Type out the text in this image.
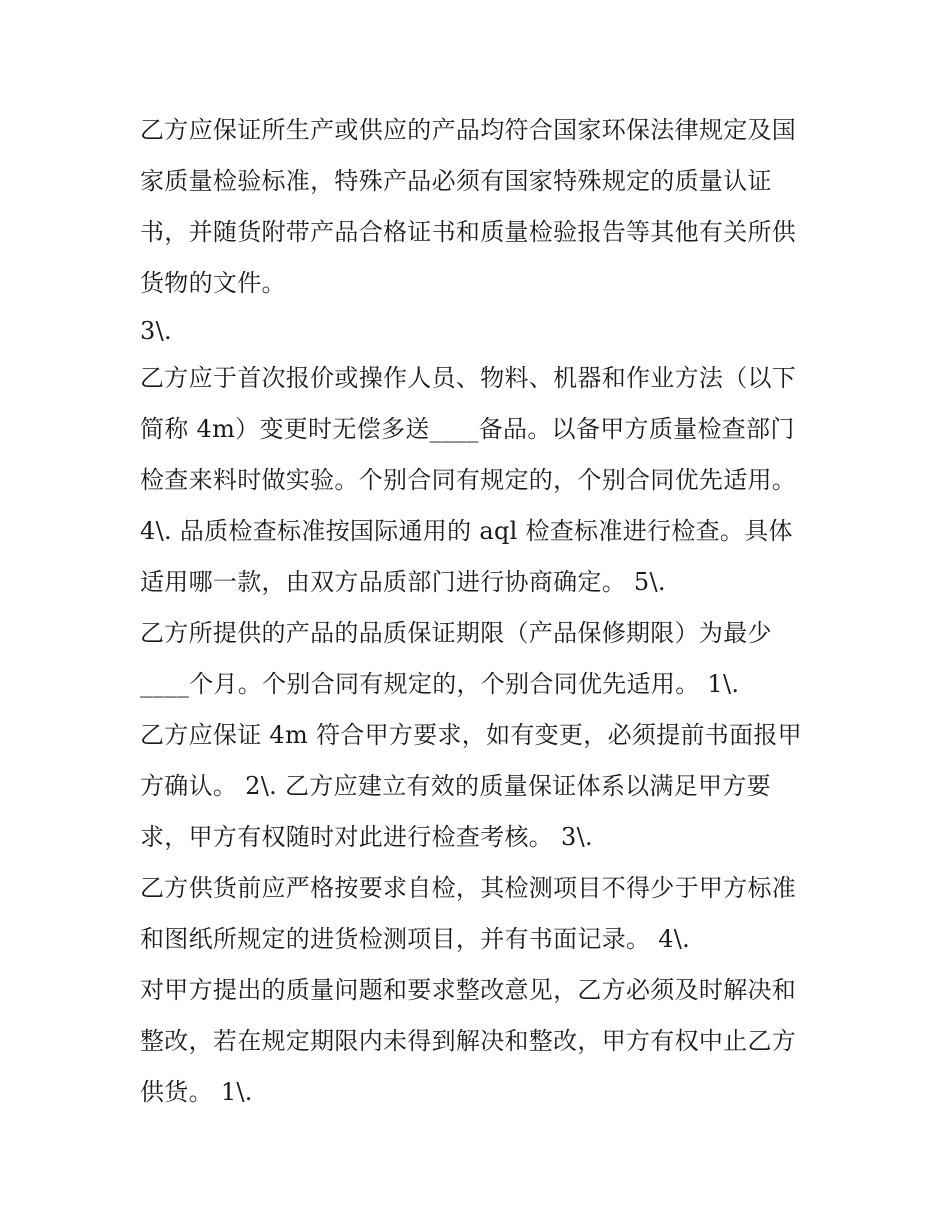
乙方应保证所生产或供应的产品均符合国家环保法律规定及国
家质量检验标准，特殊产品必须有国家特殊规定的质量认证
书，并随货附带产品合格证书和质量检验报告等其他有关所供
货物的文件。
3\.
乙方应于首次报价或操作人员、物料、机器和作业方法（以下
简称 4m）变更时无偿多送____备品。以备甲方质量检查部门
检查来料时做实验。个别合同有规定的，个别合同优先适用。
4\. 品质检查标准按国际通用的 aql 检查标准进行检查。具体
适用哪一款，由双方品质部门进行协商确定。 5\.
乙方所提供的产品的品质保证期限（产品保修期限）为最少
____个月。个别合同有规定的，个别合同优先适用。 1\.
乙方应保证 4m 符合甲方要求，如有变更，必须提前书面报甲
方确认。 2\. 乙方应建立有效的质量保证体系以满足甲方要
求，甲方有权随时对此进行检查考核。 3\.
乙方供货前应严格按要求自检，其检测项目不得少于甲方标准
和图纸所规定的进货检测项目，并有书面记录。 4\.
对甲方提出的质量问题和要求整改意见，乙方必须及时解决和
整改，若在规定期限内未得到解决和整改，甲方有权中止乙方
供货。 1\.
